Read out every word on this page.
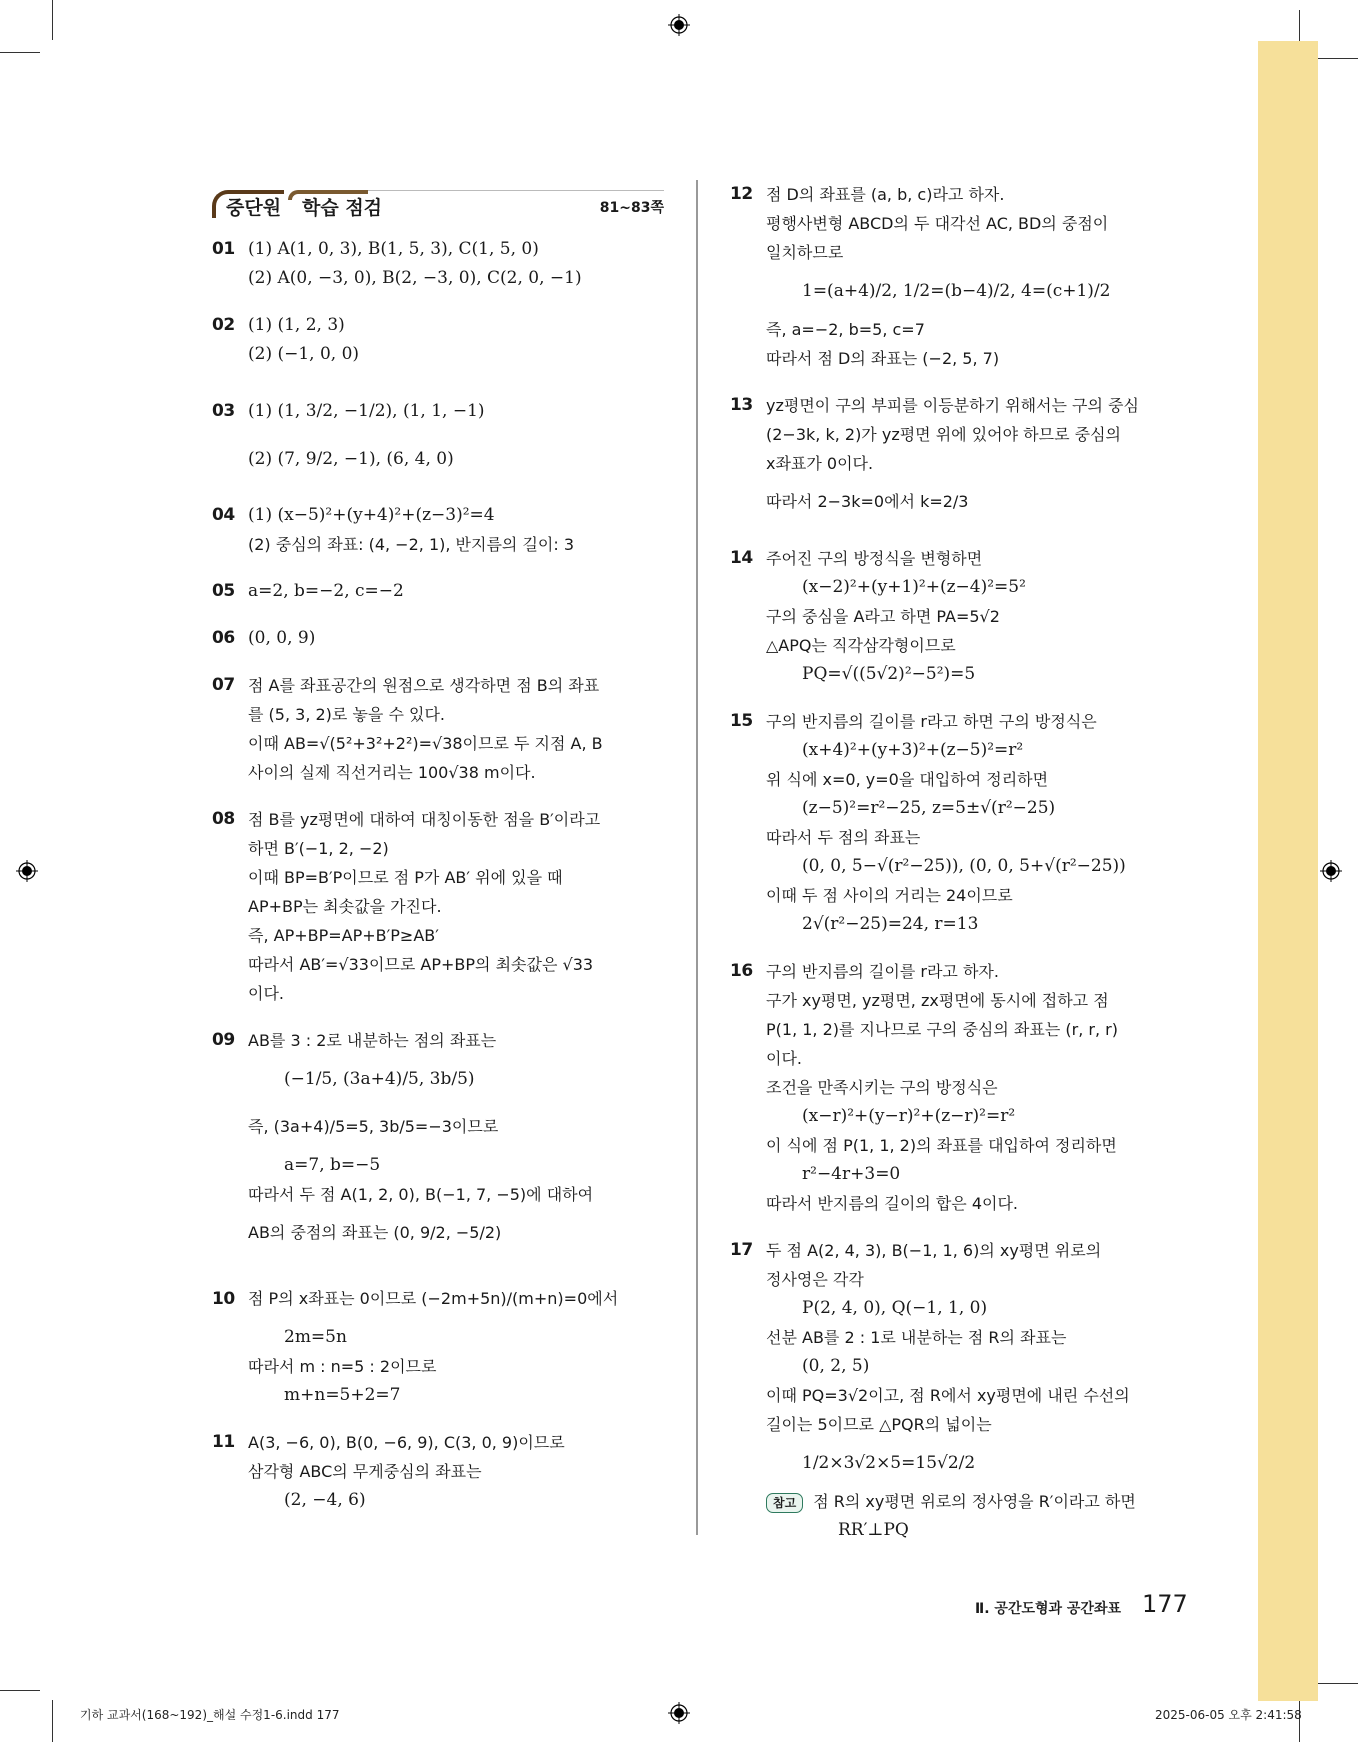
중단원 학습 점검	81~83쪽
01 (1) A(1, 0, 3), B(1, 5, 3), C(1, 5, 0)
(2) A(0, −3, 0), B(2, −3, 0), C(2, 0, −1)
02 (1) (1, 2, 3)
(2) (−1, 0, 0)
03 (1) (1, 3/2, −1/2), (1, 1, −1)
(2) (7, 9/2, −1), (6, 4, 0)
04 (1) (x−5)²+(y+4)²+(z−3)²=4
(2) 중심의 좌표: (4, −2, 1), 반지름의 길이: 3
05 a=2, b=−2, c=−2
06 (0, 0, 9)
07 점 A를 좌표공간의 원점으로 생각하면 점 B의 좌표
를 (5, 3, 2)로 놓을 수 있다.
이때 AB=√(5²+3²+2²)=√38이므로 두 지점 A, B
사이의 실제 직선거리는 100√38 m이다.
08 점 B를 yz평면에 대하여 대칭이동한 점을 B′이라고
하면 B′(−1, 2, −2)
이때 BP=B′P이므로 점 P가 AB′ 위에 있을 때
AP+BP는 최솟값을 가진다.
즉, AP+BP=AP+B′P≥AB′
따라서 AB′=√33이므로 AP+BP의 최솟값은 √33
이다.
09 AB를 3 : 2로 내분하는 점의 좌표는
(−1/5, (3a+4)/5, 3b/5)
즉, (3a+4)/5=5, 3b/5=−3이므로
a=7, b=−5
따라서 두 점 A(1, 2, 0), B(−1, 7, −5)에 대하여
AB의 중점의 좌표는 (0, 9/2, −5/2)
10 점 P의 x좌표는 0이므로 (−2m+5n)/(m+n)=0에서
2m=5n
따라서 m : n=5 : 2이므로
m+n=5+2=7
11 A(3, −6, 0), B(0, −6, 9), C(3, 0, 9)이므로
삼각형 ABC의 무게중심의 좌표는
(2, −4, 6)
12 점 D의 좌표를 (a, b, c)라고 하자.
평행사변형 ABCD의 두 대각선 AC, BD의 중점이
일치하므로
1=(a+4)/2, 1/2=(b−4)/2, 4=(c+1)/2
즉, a=−2, b=5, c=7
따라서 점 D의 좌표는 (−2, 5, 7)
13 yz평면이 구의 부피를 이등분하기 위해서는 구의 중심
(2−3k, k, 2)가 yz평면 위에 있어야 하므로 중심의
x좌표가 0이다.
따라서 2−3k=0에서 k=2/3
14 주어진 구의 방정식을 변형하면
(x−2)²+(y+1)²+(z−4)²=5²
구의 중심을 A라고 하면 PA=5√2
△APQ는 직각삼각형이므로
PQ=√((5√2)²−5²)=5
15 구의 반지름의 길이를 r라고 하면 구의 방정식은
(x+4)²+(y+3)²+(z−5)²=r²
위 식에 x=0, y=0을 대입하여 정리하면
(z−5)²=r²−25, z=5±√(r²−25)
따라서 두 점의 좌표는
(0, 0, 5−√(r²−25)), (0, 0, 5+√(r²−25))
이때 두 점 사이의 거리는 24이므로
2√(r²−25)=24, r=13
16 구의 반지름의 길이를 r라고 하자.
구가 xy평면, yz평면, zx평면에 동시에 접하고 점
P(1, 1, 2)를 지나므로 구의 중심의 좌표는 (r, r, r)
이다.
조건을 만족시키는 구의 방정식은
(x−r)²+(y−r)²+(z−r)²=r²
이 식에 점 P(1, 1, 2)의 좌표를 대입하여 정리하면
r²−4r+3=0
따라서 반지름의 길이의 합은 4이다.
17 두 점 A(2, 4, 3), B(−1, 1, 6)의 xy평면 위로의
정사영은 각각
P(2, 4, 0), Q(−1, 1, 0)
선분 AB를 2 : 1로 내분하는 점 R의 좌표는
(0, 2, 5)
이때 PQ=3√2이고, 점 R에서 xy평면에 내린 수선의
길이는 5이므로 △PQR의 넓이는
1/2×3√2×5=15√2/2
참고 점 R의 xy평면 위로의 정사영을 R′이라고 하면
RR′⊥PQ
Ⅱ. 공간도형과 공간좌표 177
기하 교과서(168~192)_해설 수정1-6.indd 177	2025-06-05 오후 2:41:58
